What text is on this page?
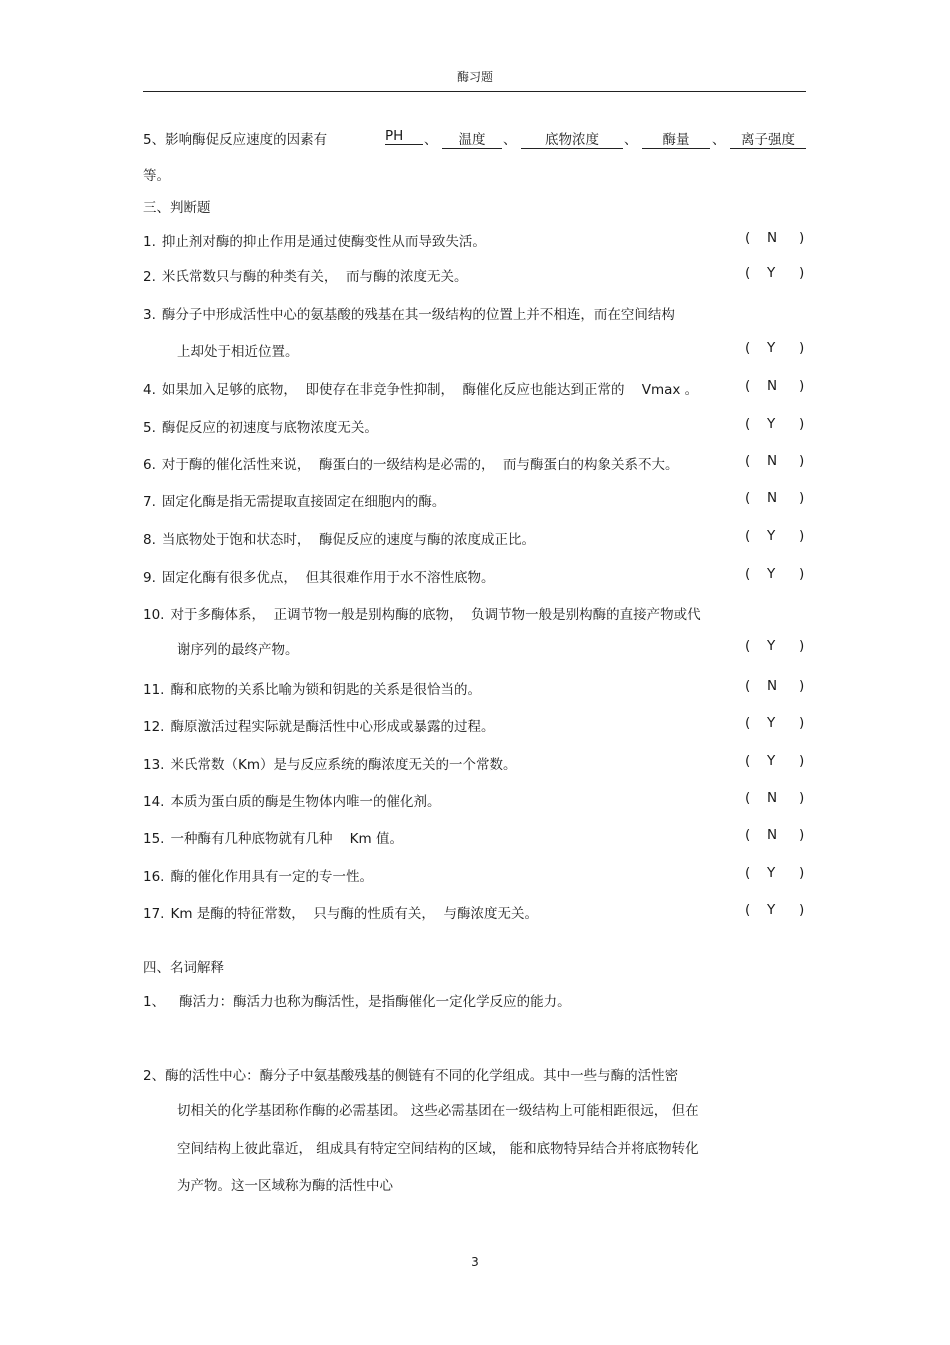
酶习题
5、影响酶促反应速度的因素有	PH	、	温度	、	底物浓度	、	酶量	、	离子强度
等。
三、判断题
1. 抑止剂对酶的抑止作用是通过使酶变性从而导致失活。	( N )
2. 米氏常数只与酶的种类有关，  而与酶的浓度无关。	( Y )
3. 酶分子中形成活性中心的氨基酸的残基在其一级结构的位置上并不相连，而在空间结构
上却处于相近位置。	( Y )
4. 如果加入足够的底物，  即使存在非竞争性抑制，  酶催化反应也能达到正常的    Vmax 。	( N )
5. 酶促反应的初速度与底物浓度无关。	( Y )
6. 对于酶的催化活性来说，  酶蛋白的一级结构是必需的，  而与酶蛋白的构象关系不大。	( N )
7. 固定化酶是指无需提取直接固定在细胞内的酶。	( N )
8. 当底物处于饱和状态时，  酶促反应的速度与酶的浓度成正比。	( Y )
9. 固定化酶有很多优点，  但其很难作用于水不溶性底物。	( Y )
10. 对于多酶体系，  正调节物一般是别构酶的底物，  负调节物一般是别构酶的直接产物或代
谢序列的最终产物。	( Y )
11. 酶和底物的关系比喻为锁和钥匙的关系是很恰当的。	( N )
12. 酶原激活过程实际就是酶活性中心形成或暴露的过程。	( Y )
13. 米氏常数（Km）是与反应系统的酶浓度无关的一个常数。	( Y )
14. 本质为蛋白质的酶是生物体内唯一的催化剂。	( N )
15. 一种酶有几种底物就有几种    Km 值。	( N )
16. 酶的催化作用具有一定的专一性。	( Y )
17. Km 是酶的特征常数，  只与酶的性质有关，  与酶浓度无关。	( Y )
四、名词解释
1、 酶活力：酶活力也称为酶活性，是指酶催化一定化学反应的能力。
2、酶的活性中心：酶分子中氨基酸残基的侧链有不同的化学组成。其中一些与酶的活性密
切相关的化学基团称作酶的必需基团。 这些必需基团在一级结构上可能相距很远， 但在
空间结构上彼此靠近， 组成具有特定空间结构的区域， 能和底物特异结合并将底物转化
为产物。这一区域称为酶的活性中心
3
